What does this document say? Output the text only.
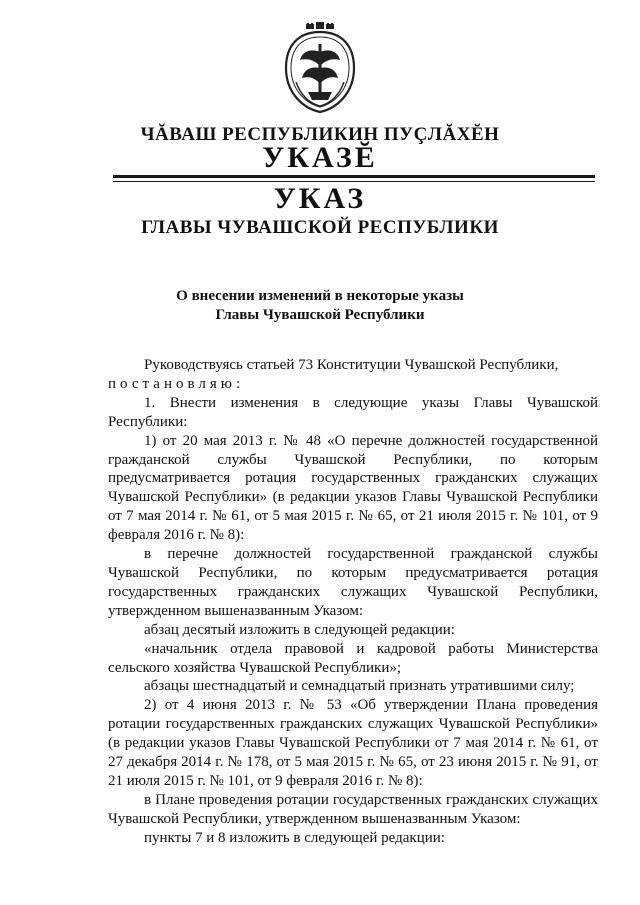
ЧĂВАШ РЕСПУБЛИКИН ПУÇЛĂХĔН
УКАЗĔ
УКАЗ
ГЛАВЫ ЧУВАШСКОЙ РЕСПУБЛИКИ
О внесении изменений в некоторые указы
Главы Чувашской Республики

Руководствуясь статьей 73 Конституции Чувашской Республики,

постановляю:

1. Внести изменения в следующие указы Главы Чувашской Республики:

1) от 20 мая 2013 г. № 48 «О перечне должностей государственной гражданской службы Чувашской Республики, по которым предусматривается ротация государственных гражданских служащих Чувашской Республики» (в редакции указов Главы Чувашской Республики от 7 мая 2014 г. № 61, от 5 мая 2015 г. № 65, от 21 июля 2015 г. № 101, от 9 февраля 2016 г. № 8):

в перечне должностей государственной гражданской службы Чувашской Республики, по которым предусматривается ротация государственных гражданских служащих Чувашской Республики, утвержденном вышеназванным Указом:

абзац десятый изложить в следующей редакции:

«начальник отдела правовой и кадровой работы Министерства сельского хозяйства Чувашской Республики»;

абзацы шестнадцатый и семнадцатый признать утратившими силу;

2) от 4 июня 2013 г. № 53 «Об утверждении Плана проведения ротации государственных гражданских служащих Чувашской Республики» (в редакции указов Главы Чувашской Республики от 7 мая 2014 г. № 61, от 27 декабря 2014 г. № 178, от 5 мая 2015 г. № 65, от 23 июня 2015 г. № 91, от 21 июля 2015 г. № 101, от 9 февраля 2016 г. № 8):

в Плане проведения ротации государственных гражданских служащих Чувашской Республики, утвержденном вышеназванным Указом:

пункты 7 и 8 изложить в следующей редакции:
